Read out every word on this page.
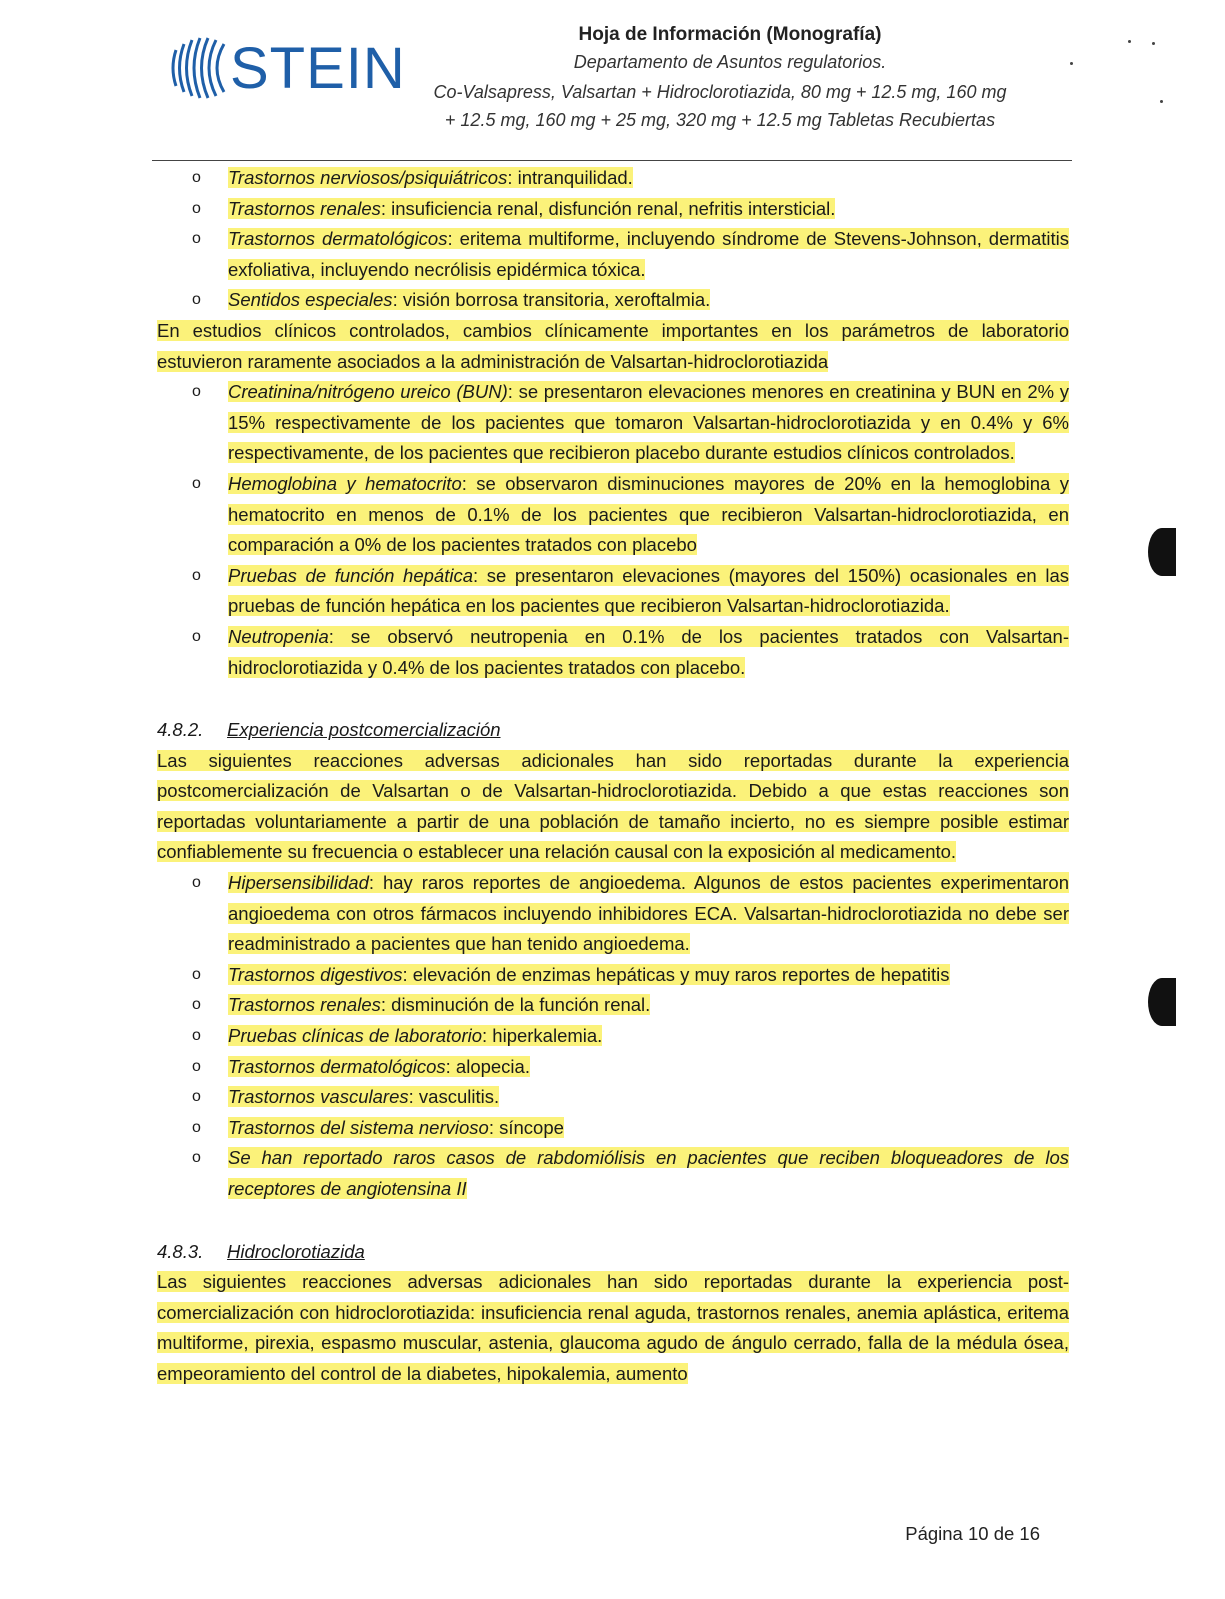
STEIN
Hoja de Información (Monografía)
Departamento de Asuntos regulatorios.
Co-Valsapress, Valsartan + Hidroclorotiazida, 80 mg + 12.5 mg, 160 mg
+ 12.5 mg, 160 mg + 25 mg, 320 mg + 12.5 mg Tabletas Recubiertas
o Trastornos nerviosos/psiquiátricos: intranquilidad.
o Trastornos renales: insuficiencia renal, disfunción renal, nefritis intersticial.
o Trastornos dermatológicos: eritema multiforme, incluyendo síndrome de Stevens-Johnson, dermatitis exfoliativa, incluyendo necrólisis epidérmica tóxica.
o Sentidos especiales: visión borrosa transitoria, xeroftalmia.

En estudios clínicos controlados, cambios clínicamente importantes en los parámetros de laboratorio estuvieron raramente asociados a la administración de Valsartan-hidroclorotiazida

o Creatinina/nitrógeno ureico (BUN): se presentaron elevaciones menores en creatinina y BUN en 2% y 15% respectivamente de los pacientes que tomaron Valsartan-hidroclorotiazida y en 0.4% y 6% respectivamente, de los pacientes que recibieron placebo durante estudios clínicos controlados.
o Hemoglobina y hematocrito: se observaron disminuciones mayores de 20% en la hemoglobina y hematocrito en menos de 0.1% de los pacientes que recibieron Valsartan-hidroclorotiazida, en comparación a 0% de los pacientes tratados con placebo
o Pruebas de función hepática: se presentaron elevaciones (mayores del 150%) ocasionales en las pruebas de función hepática en los pacientes que recibieron Valsartan-hidroclorotiazida.
o Neutropenia: se observó neutropenia en 0.1% de los pacientes tratados con Valsartan-hidroclorotiazida y 0.4% de los pacientes tratados con placebo.

4.8.2. Experiencia postcomercialización

Las siguientes reacciones adversas adicionales han sido reportadas durante la experiencia postcomercialización de Valsartan o de Valsartan-hidroclorotiazida. Debido a que estas reacciones son reportadas voluntariamente a partir de una población de tamaño incierto, no es siempre posible estimar confiablemente su frecuencia o establecer una relación causal con la exposición al medicamento.

o Hipersensibilidad: hay raros reportes de angioedema. Algunos de estos pacientes experimentaron angioedema con otros fármacos incluyendo inhibidores ECA. Valsartan-hidroclorotiazida no debe ser readministrado a pacientes que han tenido angioedema.
o Trastornos digestivos: elevación de enzimas hepáticas y muy raros reportes de hepatitis
o Trastornos renales: disminución de la función renal.
o Pruebas clínicas de laboratorio: hiperkalemia.
o Trastornos dermatológicos: alopecia.
o Trastornos vasculares: vasculitis.
o Trastornos del sistema nervioso: síncope
o Se han reportado raros casos de rabdomiólisis en pacientes que reciben bloqueadores de los receptores de angiotensina II

4.8.3. Hidroclorotiazida

Las siguientes reacciones adversas adicionales han sido reportadas durante la experiencia post-comercialización con hidroclorotiazida: insuficiencia renal aguda, trastornos renales, anemia aplástica, eritema multiforme, pirexia, espasmo muscular, astenia, glaucoma agudo de ángulo cerrado, falla de la médula ósea, empeoramiento del control de la diabetes, hipokalemia, aumento

Página 10 de 16
